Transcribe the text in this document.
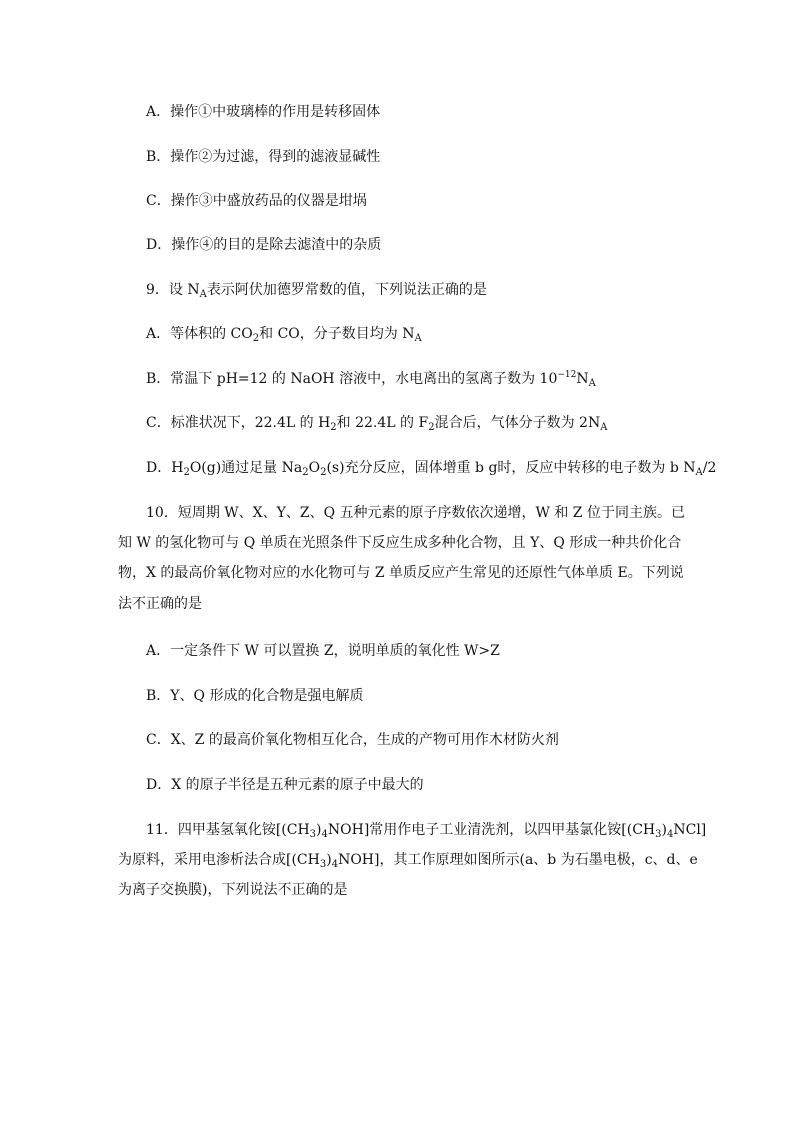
A．操作①中玻璃棒的作用是转移固体
B．操作②为过滤，得到的滤液显碱性
C．操作③中盛放药品的仪器是坩埚
D．操作④的目的是除去滤渣中的杂质
9．设 $N_A$表示阿伏加德罗常数的值，下列说法正确的是
A．等体积的 $CO_2$和 CO，分子数目均为 $N_A$
B．常温下 pH=12 的 NaOH 溶液中，水电离出的氢离子数为 $10^{-12}N_A$
C．标准状况下，22.4L 的 $H_2$和 22.4L 的 $F_2$混合后，气体分子数为 $2N_A$
D．$H_2O(g)$通过足量 $Na_2O_2(s)$充分反应，固体增重 b g时，反应中转移的电子数为 b $N_A/2$
10．短周期 W、X、Y、Z、Q 五种元素的原子序数依次递增，W 和 Z 位于同主族。已
知 W 的氢化物可与 Q 单质在光照条件下反应生成多种化合物，且 Y、Q 形成一种共价化合
物，X 的最高价氧化物对应的水化物可与 Z 单质反应产生常见的还原性气体单质 E。下列说
法不正确的是
A．一定条件下 W 可以置换 Z，说明单质的氧化性 W>Z
B．Y、Q 形成的化合物是强电解质
C．X、Z 的最高价氧化物相互化合，生成的产物可用作木材防火剂
D．X 的原子半径是五种元素的原子中最大的
11．四甲基氢氧化铵$[(CH_3)_4NOH]$常用作电子工业清洗剂，以四甲基氯化铵$[(CH_3)_4NCl]$
为原料，采用电渗析法合成$[(CH_3)_4NOH]$，其工作原理如图所示(a、b 为石墨电极，c、d、e
为离子交换膜)，下列说法不正确的是
